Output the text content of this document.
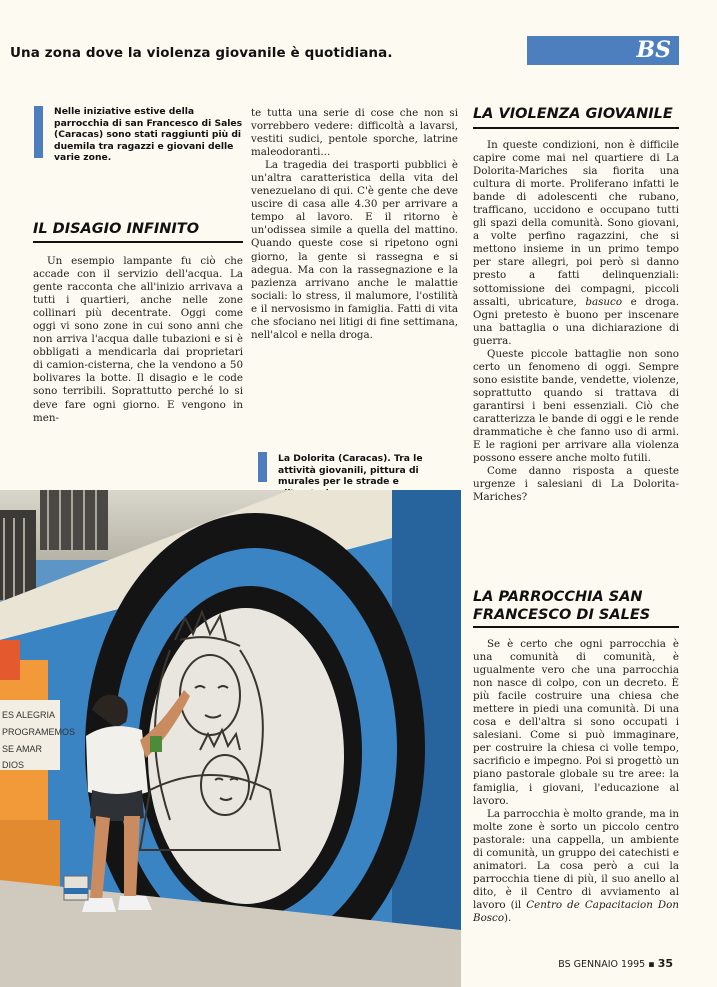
Una zona dove la violenza giovanile è quotidiana.	BS
Nelle iniziative estive della parrocchia di san Francesco di Sales (Caracas) sono stati raggiunti più di duemila tra ragazzi e giovani delle varie zone.
IL DISAGIO INFINITO

Un esempio lampante fu ciò che accade con il servizio dell'acqua. La gente racconta che all'inizio arrivava a tutti i quartieri, anche nelle zone collinari più decentrate. Oggi come oggi vi sono zone in cui sono anni che non arriva l'acqua dalle tubazioni e si è obbligati a mendicarla dai proprietari di camion-cisterna, che la vendono a 50 bolivares la botte. Il disagio e le code sono terribili. Soprattutto perché lo si deve fare ogni giorno. E vengono in men-

te tutta una serie di cose che non si vorrebbero vedere: difficoltà a lavarsi, vestiti sudici, pentole sporche, latrine maleodoranti...

La tragedia dei trasporti pubblici è un'altra caratteristica della vita del venezuelano di qui. C'è gente che deve uscire di casa alle 4.30 per arrivare a tempo al lavoro. E il ritorno è un'odissea simile a quella del mattino. Quando queste cose si ripetono ogni giorno, la gente si rassegna e si adegua. Ma con la rassegnazione e la pazienza arrivano anche le malattie sociali: lo stress, il malumore, l'ostilità e il nervosismo in famiglia. Fatti di vita che sfociano nei litigi di fine settimana, nell'alcol e nella droga.

LA VIOLENZA GIOVANILE

In queste condizioni, non è difficile capire come mai nel quartiere di La Dolorita-Mariches sia fiorita una cultura di morte. Proliferano infatti le bande di adolescenti che rubano, trafficano, uccidono e occupano tutti gli spazi della comunità. Sono giovani, a volte perfino ragazzini, che si mettono insieme in un primo tempo per stare allegri, poi però si danno presto a fatti delinquenziali: sottomissione dei compagni, piccoli assalti, ubricature, basuco e droga. Ogni pretesto è buono per inscenare una battaglia o una dichiarazione di guerra.

Queste piccole battaglie non sono certo un fenomeno di oggi. Sempre sono esistite bande, vendette, violenze, soprattutto quando si trattava di garantirsi i beni essenziali. Ciò che caratterizza le bande di oggi e le rende drammatiche è che fanno uso di armi. E le ragioni per arrivare alla violenza possono essere anche molto futili.

Come danno risposta a queste urgenze i salesiani di La Dolorita-Mariches?

LA PARROCCHIA SAN FRANCESCO DI SALES

Se è certo che ogni parrocchia è una comunità di comunità, è ugualmente vero che una parrocchia non nasce di colpo, con un decreto. È più facile costruire una chiesa che mettere in piedi una comunità. Di una cosa e dell'altra si sono occupati i salesiani. Come si può immaginare, per costruire la chiesa ci volle tempo, sacrificio e impegno. Poi si progettò un piano pastorale globale su tre aree: la famiglia, i giovani, l'educazione al lavoro.

La parrocchia è molto grande, ma in molte zone è sorto un piccolo centro pastorale: una cappella, un ambiente di comunità, un gruppo dei catechisti e animatori. La cosa però a cui la parrocchia tiene di più, il suo anello al dito, è il Centro di avviamento al lavoro (il Centro de Capacitacion Don Bosco).

La Dolorita (Caracas). Tra le attività giovanili, pittura di murales per le strade e
ES ALEGRIA
PROGRAMEMOS
SE AMAR
DIOS
BS GENNAIO 1995 ▪ 35
